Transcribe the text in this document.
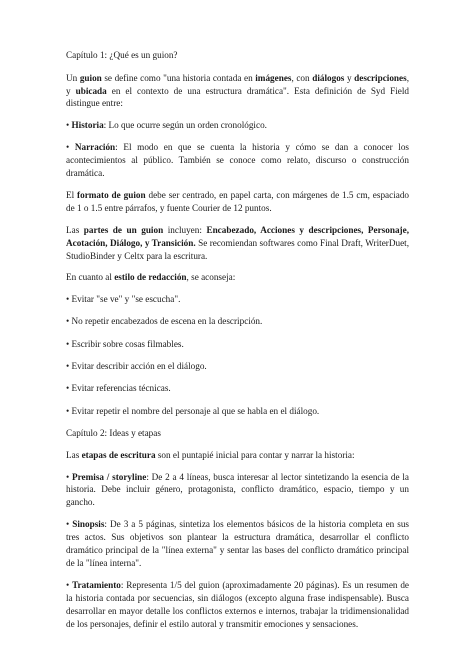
Capítulo 1: ¿Qué es un guion?

Un guion se define como "una historia contada en imágenes, con diálogos y descripciones, y ubicada en el contexto de una estructura dramática". Esta definición de Syd Field distingue entre:

• Historia: Lo que ocurre según un orden cronológico.

• Narración: El modo en que se cuenta la historia y cómo se dan a conocer los acontecimientos al público. También se conoce como relato, discurso o construcción dramática.

El formato de guion debe ser centrado, en papel carta, con márgenes de 1.5 cm, espaciado de 1 o 1.5 entre párrafos, y fuente Courier de 12 puntos.

Las partes de un guion incluyen: Encabezado, Acciones y descripciones, Personaje, Acotación, Diálogo, y Transición. Se recomiendan softwares como Final Draft, WriterDuet, StudioBinder y Celtx para la escritura.

En cuanto al estilo de redacción, se aconseja:

• Evitar "se ve" y "se escucha".

• No repetir encabezados de escena en la descripción.

• Escribir sobre cosas filmables.

• Evitar describir acción en el diálogo.

• Evitar referencias técnicas.

• Evitar repetir el nombre del personaje al que se habla en el diálogo.

Capítulo 2: Ideas y etapas

Las etapas de escritura son el puntapié inicial para contar y narrar la historia:

• Premisa / storyline: De 2 a 4 líneas, busca interesar al lector sintetizando la esencia de la historia. Debe incluir género, protagonista, conflicto dramático, espacio, tiempo y un gancho.

• Sinopsis: De 3 a 5 páginas, sintetiza los elementos básicos de la historia completa en sus tres actos. Sus objetivos son plantear la estructura dramática, desarrollar el conflicto dramático principal de la "línea externa" y sentar las bases del conflicto dramático principal de la "línea interna".

• Tratamiento: Representa 1/5 del guion (aproximadamente 20 páginas). Es un resumen de la historia contada por secuencias, sin diálogos (excepto alguna frase indispensable). Busca desarrollar en mayor detalle los conflictos externos e internos, trabajar la tridimensionalidad de los personajes, definir el estilo autoral y transmitir emociones y sensaciones.
